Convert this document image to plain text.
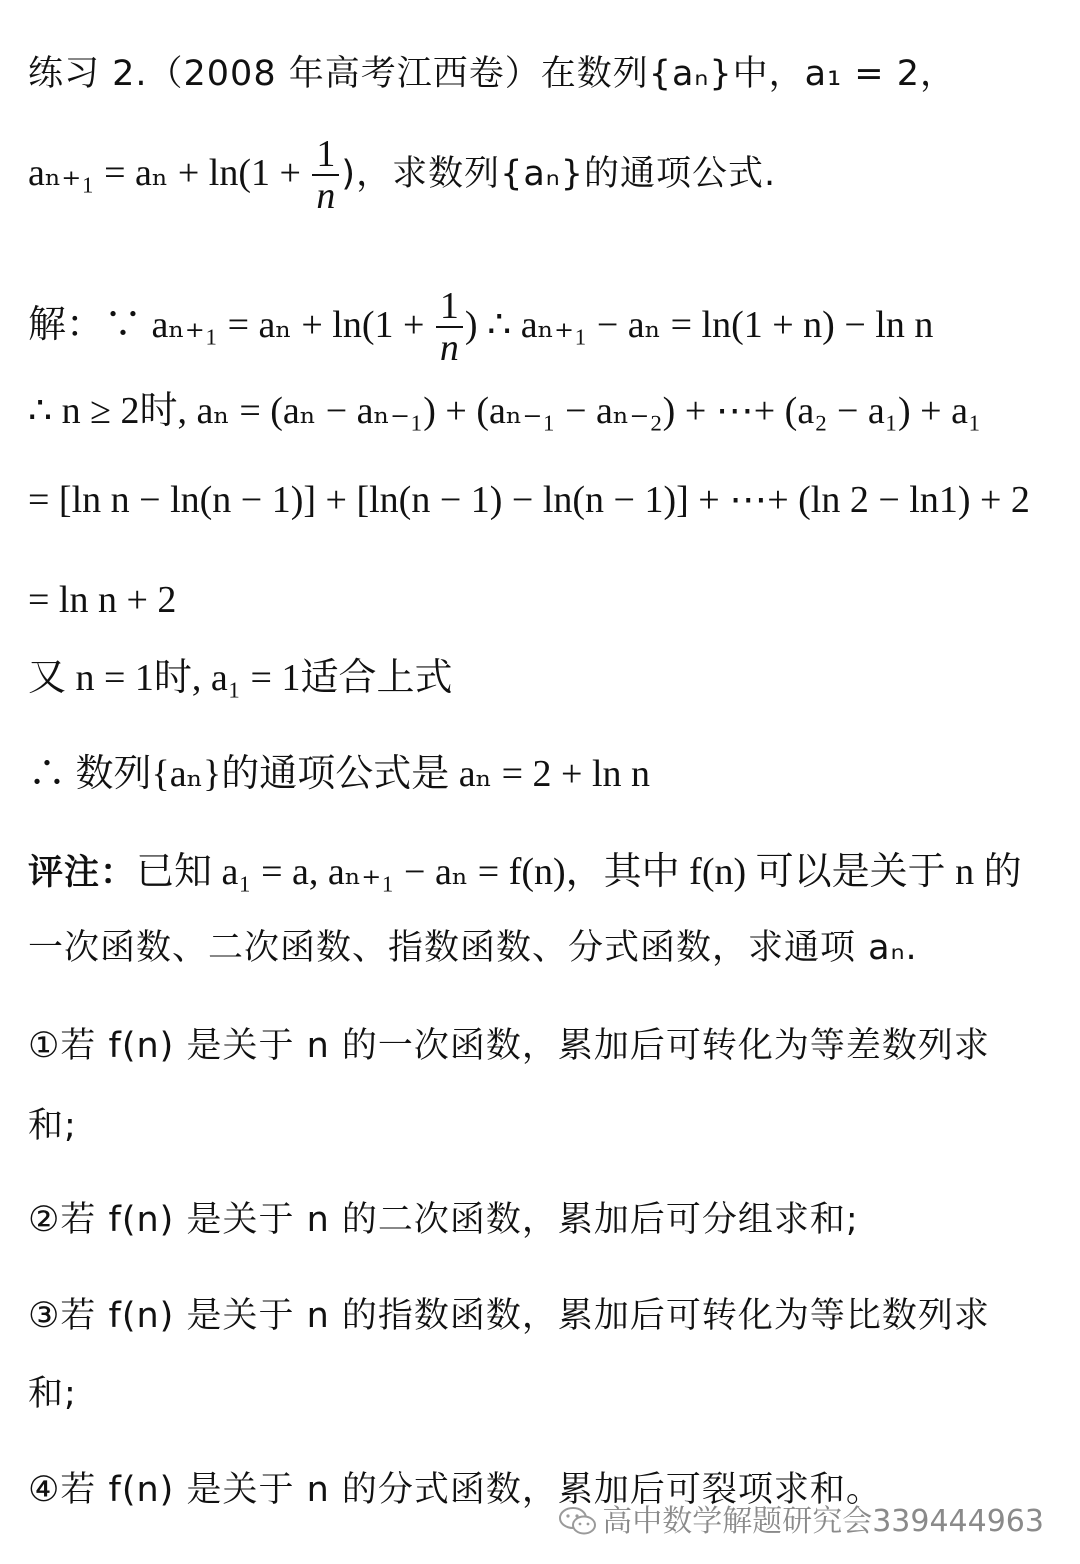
练习 2.（2008 年高考江西卷）在数列{aₙ}中，a₁ = 2，
$a_{n+1} = a_n + \ln(1 + \frac{1}{n}$ )，求数列{aₙ}的通项公式.
解：∵ $a_{n+1} = a_n + \ln(1 + \frac{1}{n}$ ) ∴ aₙ₊₁ − aₙ = ln(1 + n) − ln n
∴ n ≥ 2时, aₙ = (aₙ − aₙ₋₁) + (aₙ₋₁ − aₙ₋₂) + ⋯+ (a₂ − a₁) + a₁
= [ln n − ln(n − 1)] + [ln(n − 1) − ln(n − 1)] + ⋯+ (ln 2 − ln1) + 2
= ln n + 2
又 n = 1时, a₁ = 1适合上式
∴ 数列{aₙ}的通项公式是 aₙ = 2 + ln n
评注：已知 a₁ = a, aₙ₊₁ − aₙ = f(n)，其中 f(n) 可以是关于 n 的
一次函数、二次函数、指数函数、分式函数，求通项 aₙ.
①若 f(n) 是关于 n 的一次函数，累加后可转化为等差数列求
和;
②若 f(n) 是关于 n 的二次函数，累加后可分组求和;
③若 f(n) 是关于 n 的指数函数，累加后可转化为等比数列求
和;
④若 f(n) 是关于 n 的分式函数，累加后可裂项求和。
高中数学解题研究会339444963
